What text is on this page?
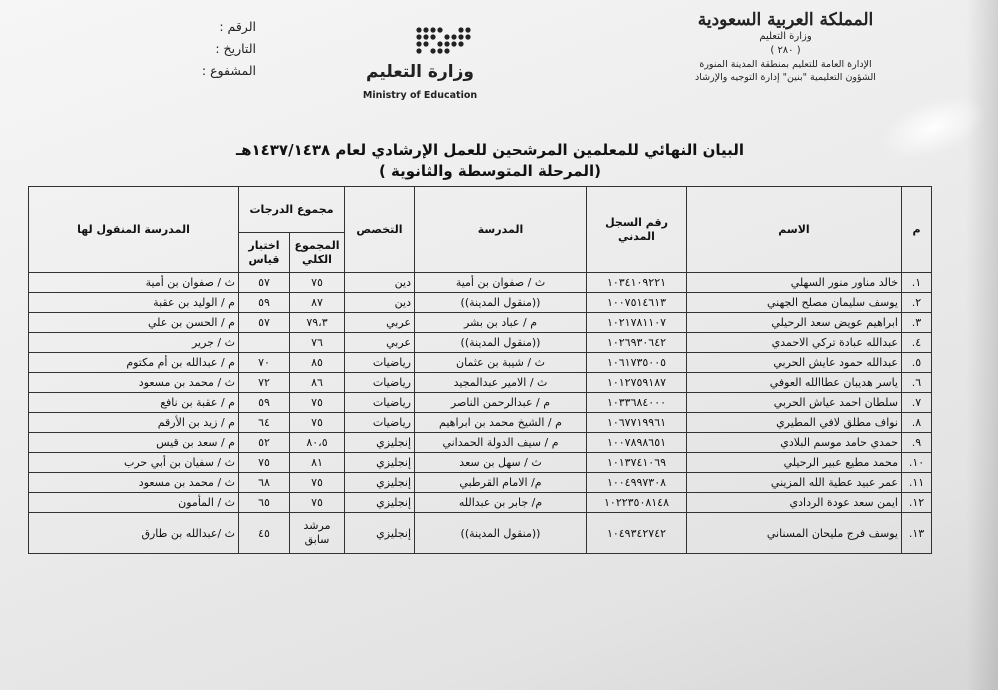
المملكة العربية السعودية
وزارة التعليم
( ٢٨٠ )
الإدارة العامة للتعليم بمنطقة المدينة المنورة
الشؤون التعليمية "بنين" إدارة التوجيه والإرشاد
وزارة التعليم
Ministry of Education
الرقم :
التاريخ :
المشفوع :
البيان النهائي للمعلمين المرشحين للعمل الإرشادي لعام ١٤٣٧/١٤٣٨هـ
(المرحلة المتوسطة والثانوية )
م	الاسم	رقم السجل المدني	المدرسة	التخصص	مجموع الدرجات		المدرسة المنقول لها
					المجموع الكلي	اختبار قياس	
١.	خالد مناور منور السهلي	١٠٣٤١٠٩٢٢١	ث / صفوان بن أمية	دين	٧٥	٥٧	ث / صفوان بن أمية
٢.	يوسف سليمان مصلح الجهني	١٠٠٧٥١٤٦١٣	((منقول المدينة))	دين	٨٧	٥٩	م / الوليد بن عقبة
٣.	ابراهيم عويض سعد الرحيلي	١٠٢١٧٨١١٠٧	م / عباد بن بشر	عربي	٧٩،٣	٥٧	م / الحسن بن علي
٤.	عبدالله عبادة تركي الاحمدي	١٠٢٦٩٣٠٦٤٢	((منقول المدينة))	عربي	٧٦		ث / جرير
٥.	عبدالله حمود عايش الحربي	١٠٦١٧٣٥٠٠٥	ث / شيبة بن عثمان	رياضيات	٨٥	٧٠	م / عبدالله بن أم مكتوم
٦.	ياسر هديبان عطاالله العوفي	١٠١٢٧٥٩١٨٧	ث / الامير عبدالمجيد	رياضيات	٨٦	٧٢	ث / محمد بن مسعود
٧.	سلطان احمد عياش الحربي	١٠٣٣٦٨٤٠٠٠	م / عبدالرحمن الناصر	رياضيات	٧٥	٥٩	م / عقبة بن نافع
٨.	نواف مطلق لافي المطيري	١٠٦٧٧١٩٩٦١	م / الشيخ محمد بن ابراهيم	رياضيات	٧٥	٦٤	م / زيد بن الأرقم
٩.	حمدي حامد موسم البلادي	١٠٠٧٨٩٨٦٥١	م / سيف الدولة الحمداني	إنجليزي	٨٠،٥	٥٢	م / سعد بن قيس
١٠.	محمد مطيع عبير الرحيلي	١٠١٣٧٤١٠٦٩	ث / سهل بن سعد	إنجليزي	٨١	٧٥	ث / سفيان بن أبي حرب
١١.	عمر عبيد عطية الله المزيني	١٠٠٤٩٩٧٣٠٨	م/ الامام القرطبي	إنجليزي	٧٥	٦٨	ث / محمد بن مسعود
١٢.	ايمن سعد عودة الردادي	١٠٢٢٣٥٠٨١٤٨	م/ جابر بن عبدالله	إنجليزي	٧٥	٦٥	ث / المأمون
١٣.	يوسف فرج مليحان المسناني	١٠٤٩٣٤٢٧٤٢	((منقول المدينة))	إنجليزي	مرشد سابق	٤٥	ث /عبدالله بن طارق
